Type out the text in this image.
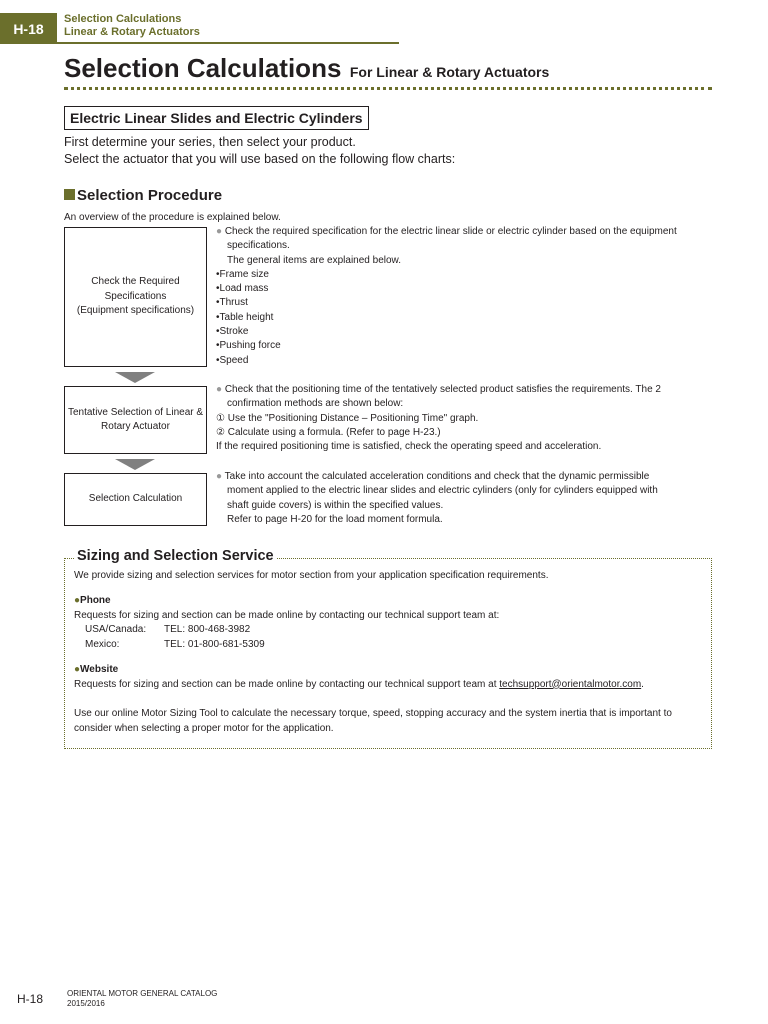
H-18
Selection Calculations
Linear & Rotary Actuators
Selection Calculations For Linear & Rotary Actuators
Electric Linear Slides and Electric Cylinders
First determine your series, then select your product.
Select the actuator that you will use based on the following flow charts:
Selection Procedure
An overview of the procedure is explained below.
Check the Required
Specifications
(Equipment specifications)

● Check the required specification for the electric linear slide or electric cylinder based on the equipment

specifications.

The general items are explained below.

•Frame size

•Load mass

•Thrust

•Table height

•Stroke

•Pushing force

•Speed

Tentative Selection of Linear &
Rotary Actuator

● Check that the positioning time of the tentatively selected product satisfies the requirements. The 2

confirmation methods are shown below:

① Use the "Positioning Distance – Positioning Time" graph.

② Calculate using a formula. (Refer to page H-23.)

If the required positioning time is satisfied, check the operating speed and acceleration.

Selection Calculation

● Take into account the calculated acceleration conditions and check that the dynamic permissible

moment applied to the electric linear slides and electric cylinders (only for cylinders equipped with

shaft guide covers) is within the specified values.

Refer to page H-20 for the load moment formula.

Sizing and Selection Service
We provide sizing and selection services for motor section from your application specification requirements.
●Phone
Requests for sizing and section can be made online by contacting our technical support team at:
USA/Canada:	TEL: 800-468-3982
Mexico:	TEL: 01-800-681-5309
●Website
Requests for sizing and section can be made online by contacting our technical support team at techsupport@orientalmotor.com.
Use our online Motor Sizing Tool to calculate the necessary torque, speed, stopping accuracy and the system inertia that is important to
consider when selecting a proper motor for the application.
H-18	ORIENTAL MOTOR GENERAL CATALOG
2015/2016
